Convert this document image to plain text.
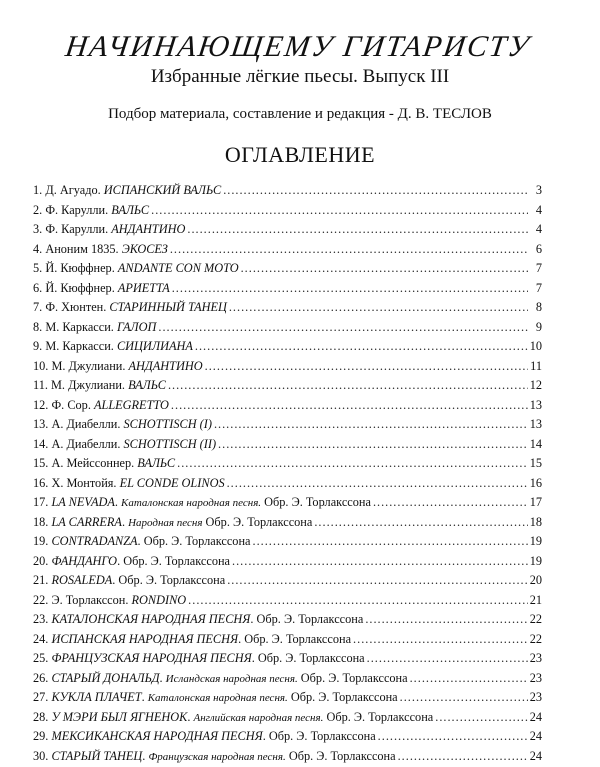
НАЧИНАЮЩЕМУ ГИТАРИСТУ

Избранные лёгкие пьесы. Выпуск III

Подбор материала, составление и редакция - Д. В. ТЕСЛОВ

ОГЛАВЛЕНИЕ
1. Д. Агуадо. ИСПАНСКИЙ ВАЛЬС .....	3
2. Ф. Карулли. ВАЛЬС .....	4
3. Ф. Карулли. АНДАНТИНО .....	4
4. Аноним 1835. ЭКОСЕЗ .....	6
5. Й. Кюффнер. ANDANTE CON MOTO .....	7
6. Й. Кюффнер. АРИЕТТА .....	7
7. Ф. Хюнтен. СТАРИННЫЙ ТАНЕЦ .....	8
8. М. Каркасси. ГАЛОП .....	9
9. М. Каркасси. СИЦИЛИАНА .....	10
10. М. Джулиани. АНДАНТИНО .....	11
11. М. Джулиани. ВАЛЬС .....	12
12. Ф. Сор. ALLEGRETTO .....	13
13. А. Диабелли. SCHOTTISCH (I) .....	13
14. А. Диабелли. SCHOTTISCH (II) .....	14
15. А. Мейссоннер. ВАЛЬС .....	15
16. Х. Монтойя. EL CONDE OLINOS .....	16
17. LA NEVADA. Каталонская народная песня. Обр. Э. Торлаксcона .....	17
18. LA CARRERA. Народная песня Обр. Э. Торлаксcона .....	18
19. CONTRADANZA. Обр. Э. Торлаксcона .....	19
20. ФАНДАНГО. Обр. Э. Торлаксcона .....	19
21. ROSALEDA. Обр. Э. Торлаксcона .....	20
22. Э. Торлаксcон. RONDINO .....	21
23. КАТАЛОНСКАЯ НАРОДНАЯ ПЕСНЯ. Обр. Э. Торлаксcона .....	22
24. ИСПАНСКАЯ НАРОДНАЯ ПЕСНЯ. Обр. Э. Торлаксcона .....	22
25. ФРАНЦУЗСКАЯ НАРОДНАЯ ПЕСНЯ. Обр. Э. Торлаксcона .....	23
26. СТАРЫЙ ДОНАЛЬД. Исландская народная песня. Обр. Э. Торлаксcона .....	23
27. КУКЛА ПЛАЧЕТ. Каталонская народная песня. Обр. Э. Торлаксcона .....	23
28. У МЭРИ БЫЛ ЯГНЕНОК. Английская народная песня. Обр. Э. Торлаксcона .....	24
29. МЕКСИКАНСКАЯ НАРОДНАЯ ПЕСНЯ. Обр. Э. Торлаксcона .....	24
30. СТАРЫЙ ТАНЕЦ. Французская народная песня. Обр. Э. Торлаксcона .....	24
